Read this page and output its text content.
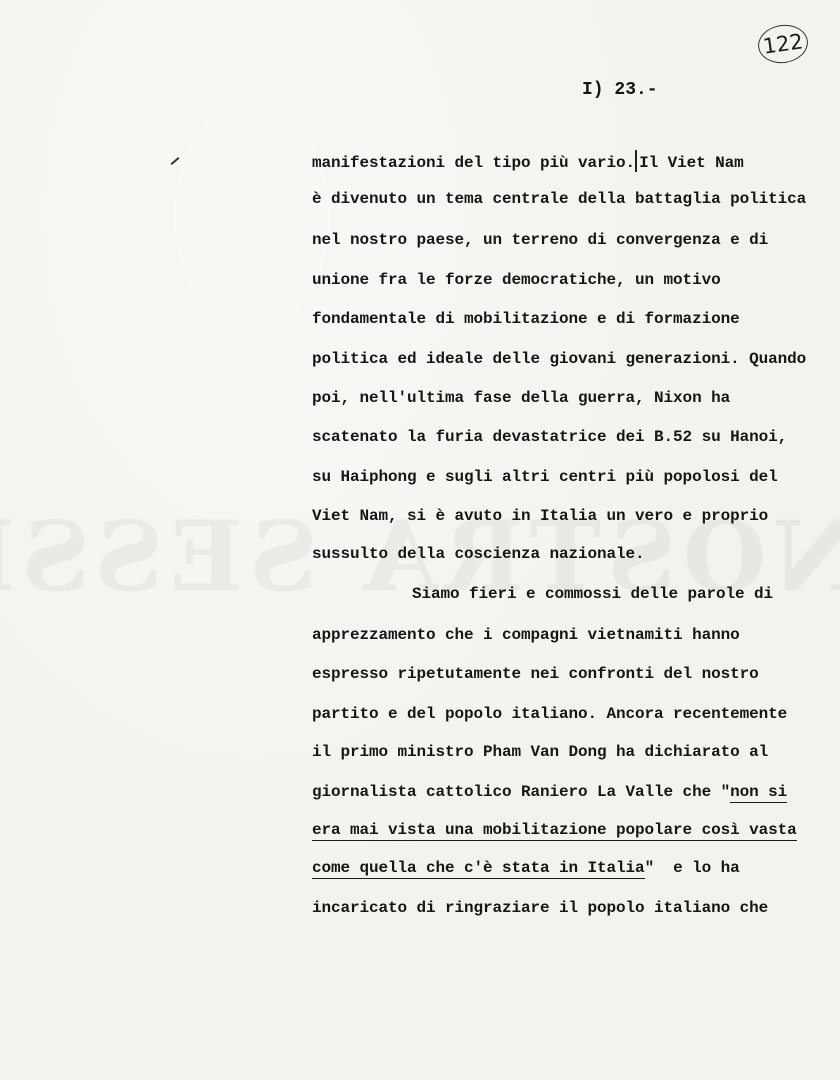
122
I) 23.-
manifestazioni del tipo più vario. Il Viet Nam
è divenuto un tema centrale della battaglia politica
nel nostro paese, un terreno di convergenza e di
unione fra le forze democratiche, un motivo
fondamentale di mobilitazione e di formazione
politica ed ideale delle giovani generazioni. Quando
poi, nell'ultima fase della guerra, Nixon ha
scatenato la furia devastatrice dei B.52 su Hanoi,
su Haiphong e sugli altri centri più popolosi del
Viet Nam, si è avuto in Italia un vero e proprio
sussulto della coscienza nazionale.
Siamo fieri e commossi delle parole di
apprezzamento che i compagni vietnamiti hanno
espresso ripetutamente nei confronti del nostro
partito e del popolo italiano. Ancora recentemente
il primo ministro Pham Van Dong ha dichiarato al
giornalista cattolico Raniero La Valle che "non si
era mai vista una mobilitazione popolare così vasta
come quella che c'è stata in Italia"  e lo ha
incaricato di ringraziare il popolo italiano che
